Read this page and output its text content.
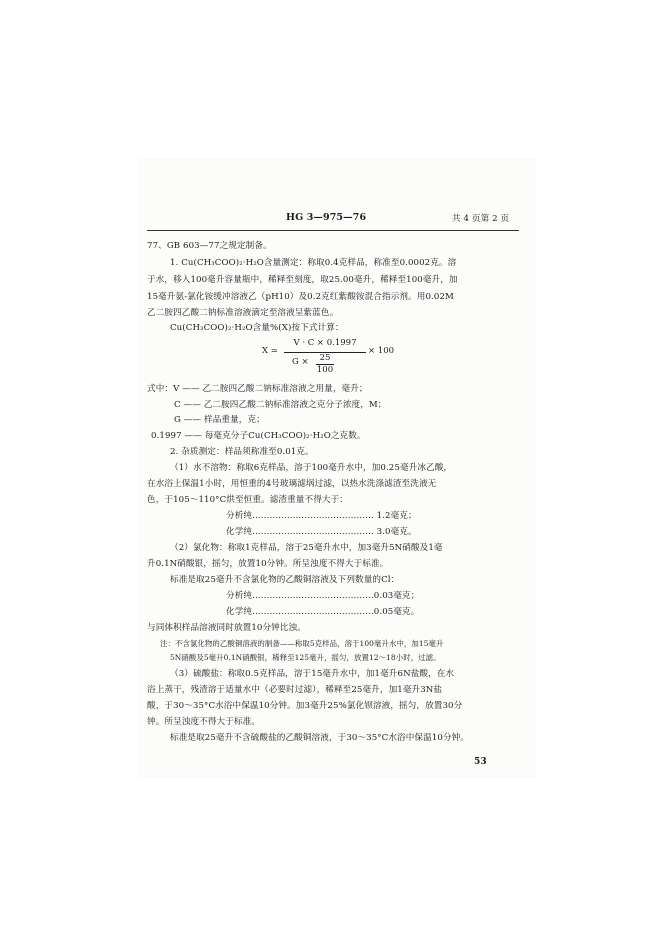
HG 3—975—76	共 4 页第 2 页
77、GB 603—77之规定制备。
1. Cu(CH₃COO)₂·H₂O含量测定：称取0.4克样品，称准至0.0002克。溶
于水，移入100毫升容量瓶中，稀释至刻度，取25.00毫升，稀释至100毫升，加
15毫升氨-氯化铵缓冲溶液乙（pH10）及0.2克红紫酸铵混合指示剂。用0.02M
乙二胺四乙酸二钠标准溶液滴定至溶液呈紫蓝色。
Cu(CH₃COO)₂·H₂O含量%(X)按下式计算：
X =
V · C × 0.1997
G ×	25
100
× 100
式中：V —— 乙二胺四乙酸二钠标准溶液之用量，毫升；
C —— 乙二胺四乙酸二钠标准溶液之克分子浓度，M；
G —— 样品重量，克；
0.1997 —— 每毫克分子Cu(CH₃COO)₂·H₂O之克数。
2. 杂质测定：样品须称准至0.01克。
（1）水不溶物：称取6克样品，溶于100毫升水中，加0.25毫升冰乙酸，
在水浴上保温1小时，用恒重的4号玻璃滤埚过滤，以热水洗涤滤渣至洗液无
色，于105～110°C烘至恒重。滤渣重量不得大于：
分析纯…………………………………… 1.2毫克；
化学纯…………………………………… 3.0毫克。
（2）氯化物：称取1克样品，溶于25毫升水中，加3毫升5N硝酸及1毫
升0.1N硝酸银，摇匀，放置10分钟。所呈浊度不得大于标准。
标准是取25毫升不含氯化物的乙酸铜溶液及下列数量的Cl：
分析纯……………………………………0.03毫克；
化学纯……………………………………0.05毫克。
与同体积样品溶液同时放置10分钟比浊。
注：不含氯化物的乙酸铜溶液的制备——称取5克样品，溶于100毫升水中，加15毫升
5N硝酸及5毫升0.1N硝酸银，稀释至125毫升，摇匀，放置12～18小时，过滤。
（3）硫酸盐：称取0.5克样品，溶于15毫升水中，加1毫升6N盐酸，在水
浴上蒸干，残渣溶于适量水中（必要时过滤），稀释至25毫升，加1毫升3N盐
酸，于30～35°C水浴中保温10分钟。加3毫升25%氯化钡溶液，摇匀，放置30分
钟。所呈浊度不得大于标准。
标准是取25毫升不含硫酸盐的乙酸铜溶液，于30～35°C水浴中保温10分钟。
53
